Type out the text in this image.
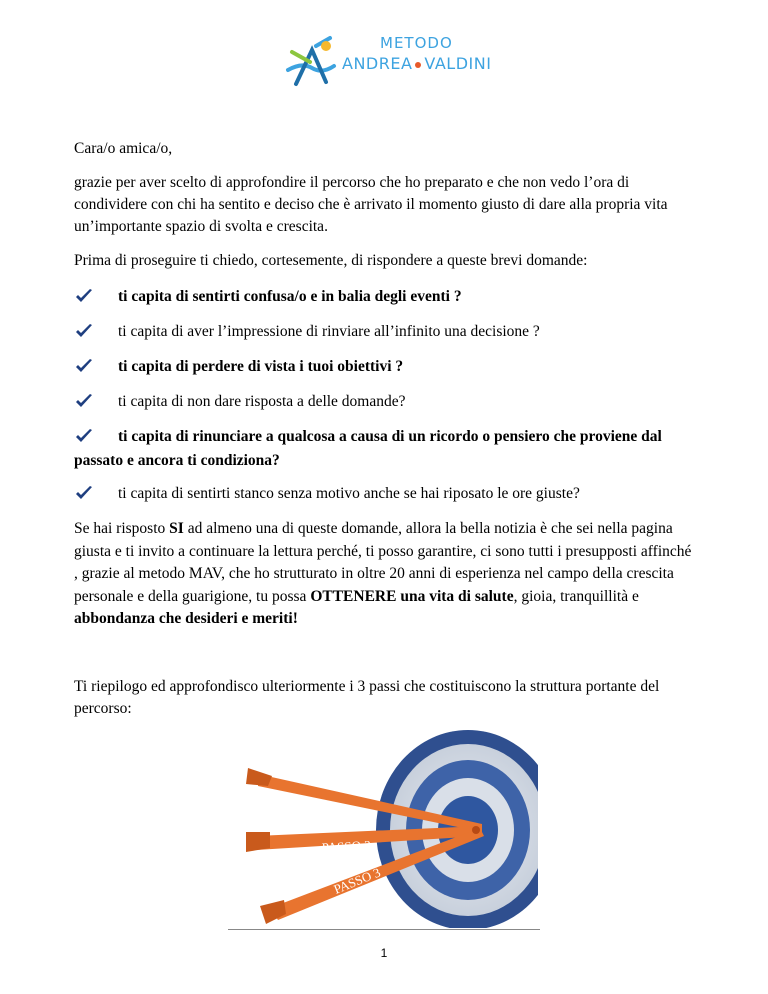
METODO
ANDREA VALDINI
Cara/o amica/o,
grazie per aver scelto di approfondire il percorso che ho preparato e che non vedo l’ora di condividere con chi ha sentito e deciso che è arrivato il momento giusto di dare alla propria vita un’importante spazio di svolta e crescita.
Prima di proseguire ti chiedo, cortesemente, di rispondere a queste brevi domande:
ti capita di sentirti confusa/o e in balia degli eventi ?
ti capita di aver l’impressione di rinviare all’infinito una decisione ?
ti capita di perdere di vista i tuoi obiettivi ?
ti capita di non dare risposta a delle domande?
ti capita di rinunciare a qualcosa a causa di un ricordo o pensiero che proviene dal passato e ancora ti condiziona?
ti capita di sentirti stanco senza motivo anche se hai riposato le ore giuste?
Se hai risposto SI ad almeno una di queste domande, allora la bella notizia è che sei nella pagina giusta e ti invito a continuare la lettura perché, ti posso garantire, ci sono tutti i presupposti affinché , grazie al metodo MAV, che ho strutturato in oltre 20 anni di esperienza nel campo della crescita personale e della guarigione, tu possa OTTENERE una vita di salute, gioia, tranquillità e abbondanza che desideri e meriti!
Ti riepilogo ed approfondisco ulteriormente i 3 passi che costituiscono la struttura portante del percorso:
PASSO 1
PASSO 2
PASSO 3
1
